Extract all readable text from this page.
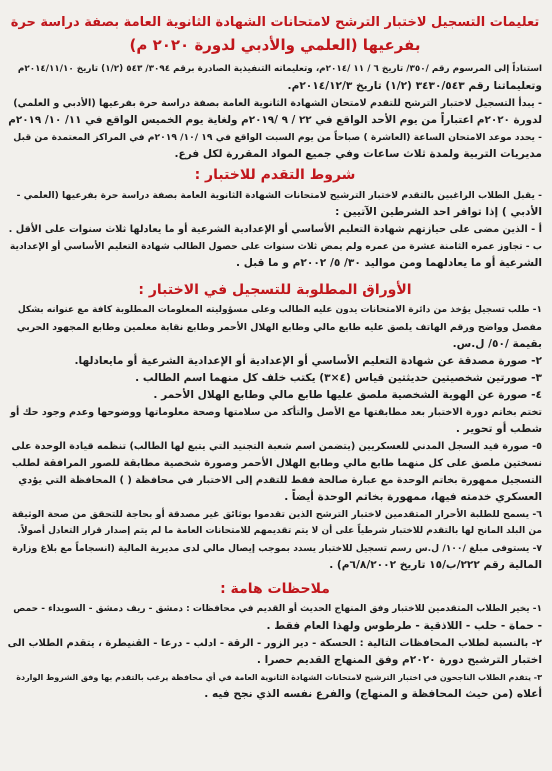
تعليمات التسجيل لاختبار الترشح لامتحانات الشهادة الثانوية العامة بصفة دراسة حرة
بفرعيها (العلمي والأدبي لدورة ٢٠٢٠ م)

استناداً إلى المرسوم رقم /٣٥٠/ تاريخ ٦ / ١١ /٢٠١٤م، وتعليماته التنفيذية الصادرة برقم ٣٠٩٤/ ٥٤٣ (١/٢) تاريخ ٢٠١٤/١١/١٠م

وتعليماتنا رقم ٣٤٣٠/٥٤٣ (١/٢) تاريخ ٢٠١٤/١٢/٣م.

- يبدأ التسجيل لاختبار الترشح للتقدم لامتحان الشهادة الثانوية العامة بصفة دراسة حرة بفرعيها (الأدبي و العلمي)

لدورة ٢٠٢٠م اعتباراً من يوم الأحد الواقع في ٢٢ / ٩ /٢٠١٩م ولغاية يوم الخميس الواقع في ١١/ ١٠/ ٢٠١٩م

- يحدد موعد الامتحان الساعة (العاشرة ) صباحاً من يوم السبت الواقع في ١٩ /١٠/ ٢٠١٩م في المراكز المعتمدة من قبل

مديريات التربية ولمدة ثلاث ساعات وفي جميع المواد المقررة لكل فرع.

شروط التقدم للاختبار :

- يقبل الطلاب الراغبين بالتقدم لاختبار الترشيح لامتحانات الشهادة الثانوية العامة بصفة دراسة حرة بفرعيها (العلمي -

الأدبي ) إذا توافر احد الشرطين الآتيين :

أ - الذين مضى على حيازتهم شهادة التعليم الأساسي أو الإعدادية الشرعية أو ما يعادلها ثلاث سنوات على الأقل .

ب - تجاوز عمره الثامنة عشرة من عمره ولم يمض ثلاث سنوات على حصول الطالب شهادة التعليم الأساسي أو الإعدادية

الشرعية أو ما يعادلهما ومن مواليد ٣٠/ ٥/ ٢٠٠٢م و ما قبل .

الأوراق المطلوبة للتسجيل في الاختبار :

١- طلب تسجيل يؤخذ من دائرة الامتحانات يدون عليه الطالب وعلى مسؤوليته المعلومات المطلوبة كافة مع عنوانه بشكل

مفصل وواضح ورقم الهاتف يلصق عليه طابع مالي وطابع الهلال الأحمر وطابع نقابة معلمين وطابع المجهود الحربي

بقيمة /٥٠/ ل.س.

٢- صورة مصدقة عن شهادة التعليم الأساسي أو الإعدادية أو الإعدادية الشرعية أو مايعادلها.

٣- صورتين شخصيتين حديثتين قياس (٤×٣) يكتب خلف كل منهما اسم الطالب .

٤- صورة عن الهوية الشخصية ملصق عليها طابع مالي وطابع الهلال الأحمر .

تختم بخاتم دورة الاختبار بعد مطابقتها مع الأصل والتأكد من سلامتها وصحة معلوماتها ووضوحها وعدم وجود حك أو

شطب أو تحوير .

٥- صورة قيد السجل المدني للعسكريين (يتضمن اسم شعبة التجنيد التي يتبع لها الطالب) تنظمه قيادة الوحدة على

نسختين ملصق على كل منهما طابع مالي وطابع الهلال الأحمر وصورة شخصية مطابقة للصور المرافقة لطلب

التسجيل ممهورة بخاتم الوحدة مع عبارة صالحة فقط للتقدم إلى الاختبار في محافظة ( ) المحافظة التي يؤدي

العسكري خدمته فيها، ممهورة بخاتم الوحدة أيضاً .

٦- يسمح للطلبة الأحرار المتقدمين لاختبار الترشح الذين تقدموا بوثائق غير مصدقة أو بحاجة للتحقق من صحة الوثيقة

من البلد المانح لها بالتقدم للاختبار شرطياً على أن لا يتم تقديمهم للامتحانات العامة ما لم يتم إصدار قرار التعادل أصولاً.

٧- يستوفى مبلغ /١٠٠/ ل.س رسم تسجيل للاختبار يسدد بموجب إيصال مالي لدى مديرية المالية (انسجاماً مع بلاغ وزارة

المالية رقم ٢٢٢/ب/١٥ تاريخ ٦/٨/٢٠٠٢م) .

ملاحظات هامة :

١- يخير الطلاب المتقدمين للاختبار وفق المنهاج الحديث أو القديم في محافظات : دمشق - ريف دمشق - السويداء - حمص

- حماة - حلب - اللاذقية - طرطوس ولهذا العام فقط .

٢- بالنسبة لطلاب المحافظات التالية : الحسكة - دير الزور - الرقة - ادلب - درعا - القنيطرة ، يتقدم الطلاب الى

اختبار الترشيح دورة ٢٠٢٠م وفق المنهاج القديم حصرا .

٣- يتقدم الطلاب الناجحون في اختبار الترشيح لامتحانات الشهادة الثانوية العامة في أي محافظة يرغب بالتقدم بها وفق الشروط الواردة

أعلاه (من حيث المحافظة و المنهاج) والفرع نفسه الذي نجح فيه .
